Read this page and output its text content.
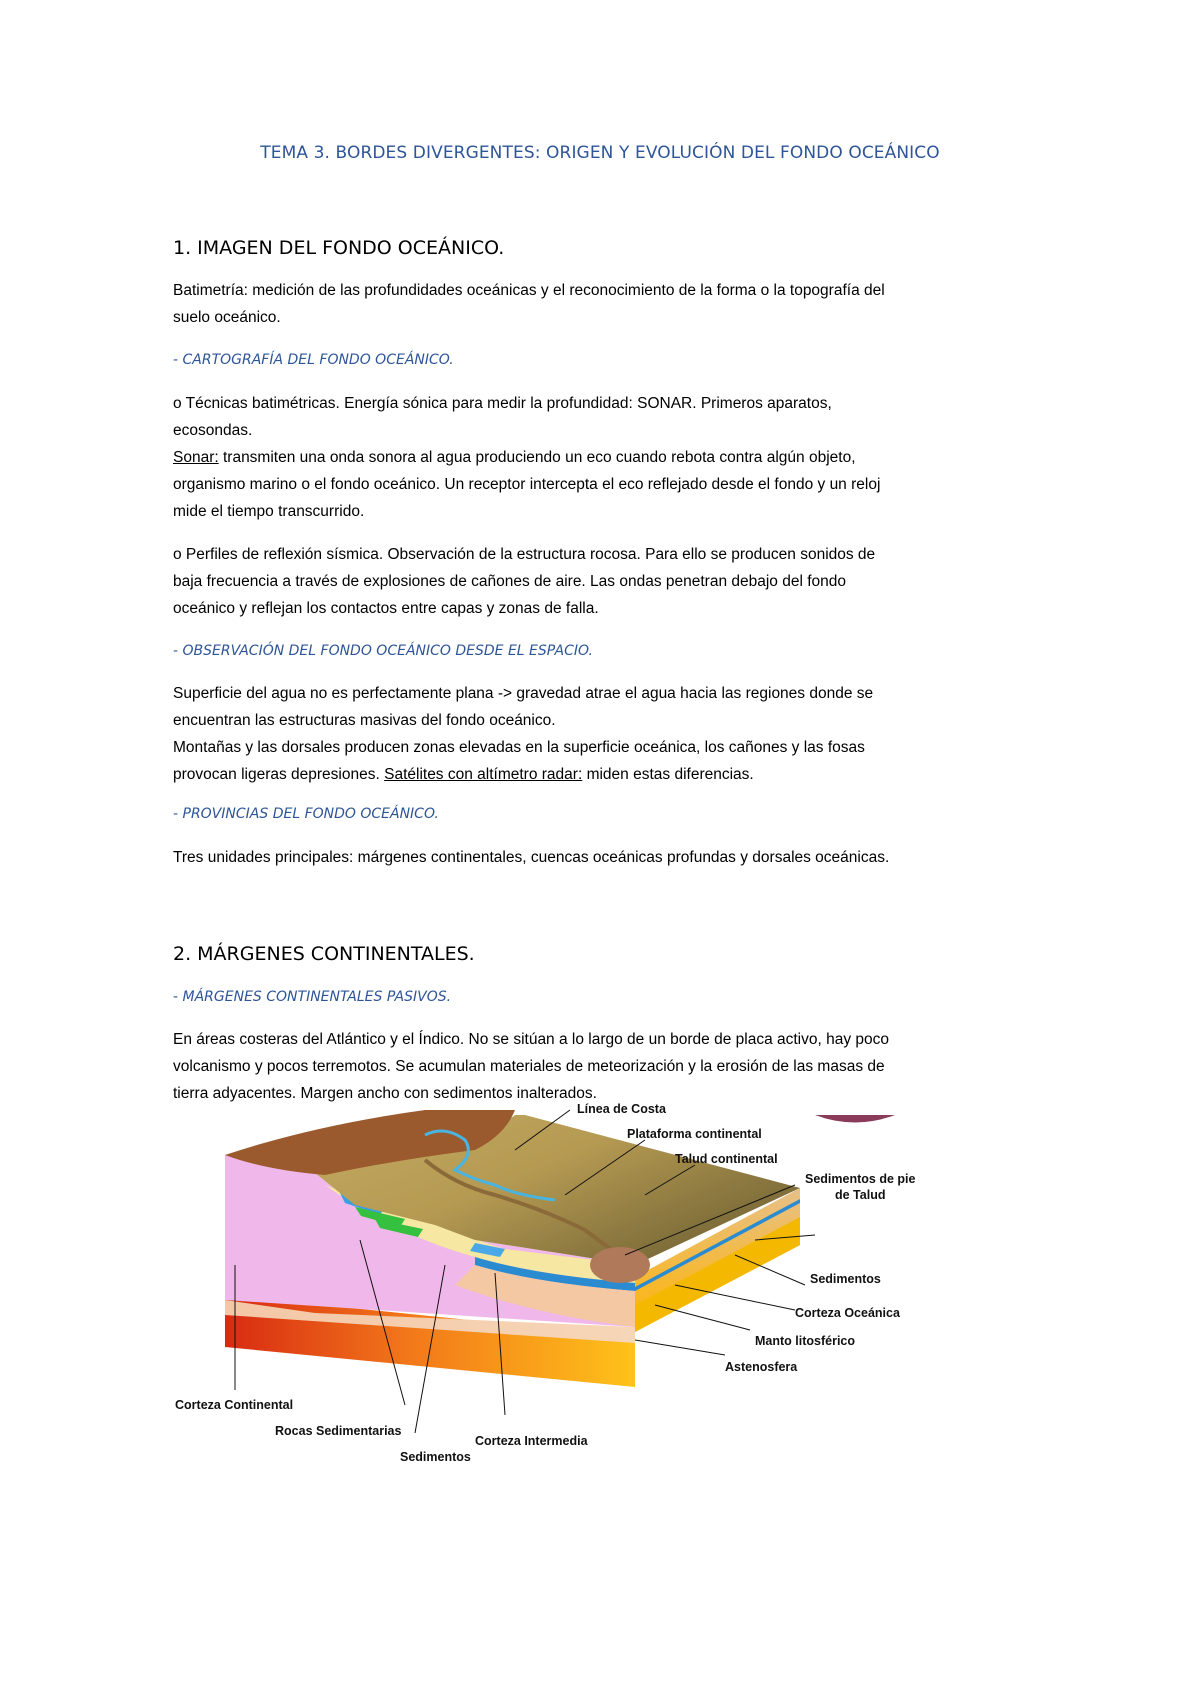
TEMA 3. BORDES DIVERGENTES: ORIGEN Y EVOLUCIÓN DEL FONDO OCEÁNICO
1. IMAGEN DEL FONDO OCEÁNICO.
Batimetría: medición de las profundidades oceánicas y el reconocimiento de la forma o la topografía del
suelo oceánico.
- CARTOGRAFÍA DEL FONDO OCEÁNICO.
o Técnicas batimétricas. Energía sónica para medir la profundidad: SONAR. Primeros aparatos,
ecosondas.
Sonar: transmiten una onda sonora al agua produciendo un eco cuando rebota contra algún objeto,
organismo marino o el fondo oceánico. Un receptor intercepta el eco reflejado desde el fondo y un reloj
mide el tiempo transcurrido.
o Perfiles de reflexión sísmica. Observación de la estructura rocosa. Para ello se producen sonidos de
baja frecuencia a través de explosiones de cañones de aire. Las ondas penetran debajo del fondo
oceánico y reflejan los contactos entre capas y zonas de falla.
- OBSERVACIÓN DEL FONDO OCEÁNICO DESDE EL ESPACIO.
Superficie del agua no es perfectamente plana -> gravedad atrae el agua hacia las regiones donde se
encuentran las estructuras masivas del fondo oceánico.
Montañas y las dorsales producen zonas elevadas en la superficie oceánica, los cañones y las fosas
provocan ligeras depresiones. Satélites con altímetro radar: miden estas diferencias.
- PROVINCIAS DEL FONDO OCEÁNICO.
Tres unidades principales: márgenes continentales, cuencas oceánicas profundas y dorsales oceánicas.
2. MÁRGENES CONTINENTALES.
- MÁRGENES CONTINENTALES PASIVOS.
En áreas costeras del Atlántico y el Índico. No se sitúan a lo largo de un borde de placa activo, hay poco
volcanismo y pocos terremotos. Se acumulan materiales de meteorización y la erosión de las masas de
tierra adyacentes. Margen ancho con sedimentos inalterados.
Línea de Costa
Plataforma continental
Talud continental
Sedimentos de pie
de Talud
Sedimentos
Corteza Oceánica
Manto litosférico
Astenosfera
Corteza Continental
Rocas Sedimentarias
Sedimentos
Corteza Intermedia
